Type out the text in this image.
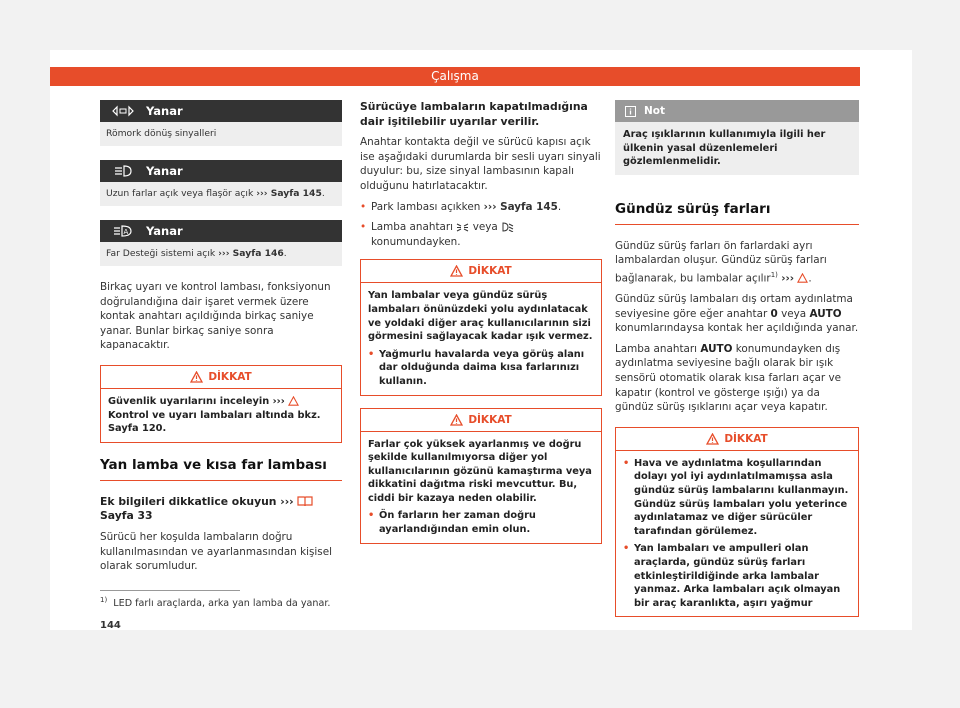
Çalışma
Yanar
Römork dönüş sinyalleri
Yanar
Uzun farlar açık veya flaşör açık ››› Sayfa 145.
A Yanar
Far Desteği sistemi açık ››› Sayfa 146.

Birkaç uyarı ve kontrol lambası, fonksiyonun doğrulandığına dair işaret vermek üzere kontak anahtarı açıldığında birkaç saniye yanar. Bunlar birkaç saniye sonra kapanacaktır.

DİKKAT
Güvenlik uyarılarını inceleyin ›››  Kontrol ve uyarı lambaları altında bkz. Sayfa 120.
Yan lamba ve kısa far lambası

Ek bilgileri dikkatlice okuyun ›››  Sayfa 33

Sürücü her koşulda lambaların doğru kullanılmasından ve ayarlanmasından kişisel olarak sorumludur.

Sürücüye lambaların kapatılmadığına dair işitilebilir uyarılar verilir.

Anahtar kontakta değil ve sürücü kapısı açık ise aşağıdaki durumlarda bir sesli uyarı sinyali duyulur: bu, size sinyal lambasının kapalı olduğunu hatırlatacaktır.

• Park lambası açıkken ››› Sayfa 145.

• Lamba anahtarı veya  konumundayken.

DİKKAT
Yan lambalar veya gündüz sürüş lambaları önünüzdeki yolu aydınlatacak ve yoldaki diğer araç kullanıcılarının sizi görmesini sağlayacak kadar ışık vermez.
• Yağmurlu havalarda veya görüş alanı dar olduğunda daima kısa farlarınızı kullanın.
DİKKAT
Farlar çok yüksek ayarlanmış ve doğru şekilde kullanılmıyorsa diğer yol kullanıcılarının gözünü kamaştırma veya dikkatini dağıtma riski mevcuttur. Bu, ciddi bir kazaya neden olabilir.
• Ön farların her zaman doğru ayarlandığından emin olun.
Not
Araç ışıklarının kullanımıyla ilgili her ülkenin yasal düzenlemeleri gözlemlenmelidir.
Gündüz sürüş farları

Gündüz sürüş farları ön farlardaki ayrı lambalardan oluşur. Gündüz sürüş farları bağlanarak, bu lambalar açılır$^{1)}$ ››› .

Gündüz sürüş lambaları dış ortam aydınlatma seviyesine göre eğer anahtar 0 veya AUTO konumlarındaysa kontak her açıldığında yanar.

Lamba anahtarı AUTO konumundayken dış aydınlatma seviyesine bağlı olarak bir ışık sensörü otomatik olarak kısa farları açar ve kapatır (kontrol ve gösterge ışığı) ya da gündüz sürüş ışıklarını açar veya kapatır.

DİKKAT
• Hava ve aydınlatma koşullarından dolayı yol iyi aydınlatılmamışsa asla gündüz sürüş lambalarını kullanmayın. Gündüz sürüş lambaları yolu yeterince aydınlatamaz ve diğer sürücüler tarafından görülemez.
• Yan lambaları ve ampulleri olan araçlarda, gündüz sürüş farları etkinleştirildiğinde arka lambalar yanmaz. Arka lambaları açık olmayan bir araç karanlıkta, aşırı yağmur
$^{1)}$ LED farlı araçlarda, arka yan lamba da yanar.
144
